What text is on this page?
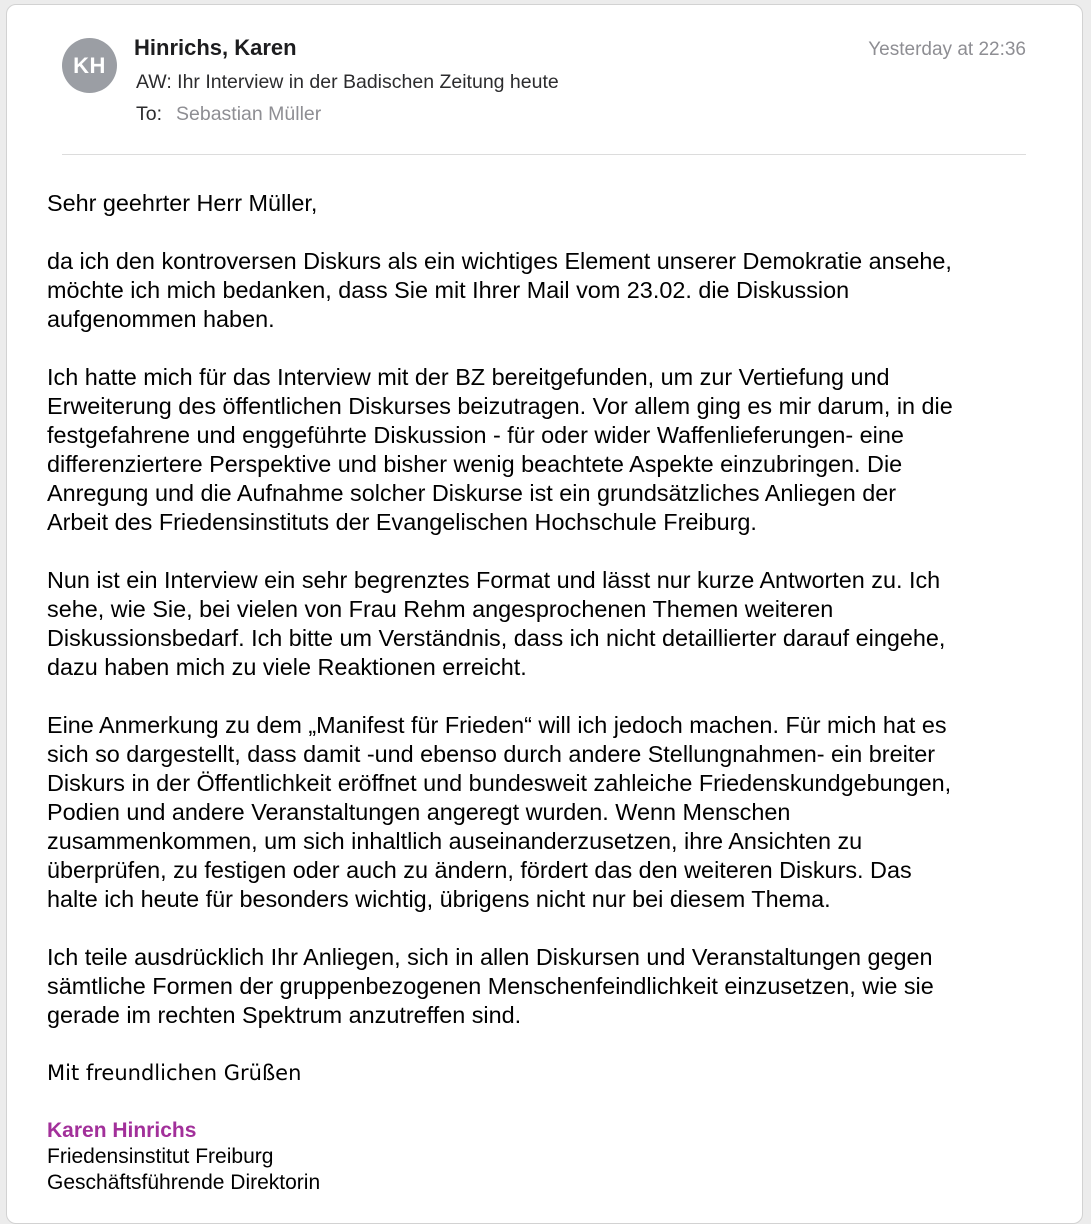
KH
Hinrichs, Karen	Yesterday at 22:36
AW: Ihr Interview in der Badischen Zeitung heute
To: Sebastian Müller

Sehr geehrter Herr Müller,

da ich den kontroversen Diskurs als ein wichtiges Element unserer Demokratie ansehe,

möchte ich mich bedanken, dass Sie mit Ihrer Mail vom 23.02. die Diskussion

aufgenommen haben.

Ich hatte mich für das Interview mit der BZ bereitgefunden, um zur Vertiefung und

Erweiterung des öffentlichen Diskurses beizutragen. Vor allem ging es mir darum, in die

festgefahrene und enggeführte Diskussion - für oder wider Waffenlieferungen- eine

differenziertere Perspektive und bisher wenig beachtete Aspekte einzubringen. Die

Anregung und die Aufnahme solcher Diskurse ist ein grundsätzliches Anliegen der

Arbeit des Friedensinstituts der Evangelischen Hochschule Freiburg.

Nun ist ein Interview ein sehr begrenztes Format und lässt nur kurze Antworten zu. Ich

sehe, wie Sie, bei vielen von Frau Rehm angesprochenen Themen weiteren

Diskussionsbedarf. Ich bitte um Verständnis, dass ich nicht detaillierter darauf eingehe,

dazu haben mich zu viele Reaktionen erreicht.

Eine Anmerkung zu dem „Manifest für Frieden“ will ich jedoch machen. Für mich hat es

sich so dargestellt, dass damit -und ebenso durch andere Stellungnahmen- ein breiter

Diskurs in der Öffentlichkeit eröffnet und bundesweit zahleiche Friedenskundgebungen,

Podien und andere Veranstaltungen angeregt wurden. Wenn Menschen

zusammenkommen, um sich inhaltlich auseinanderzusetzen, ihre Ansichten zu

überprüfen, zu festigen oder auch zu ändern, fördert das den weiteren Diskurs. Das

halte ich heute für besonders wichtig, übrigens nicht nur bei diesem Thema.

Ich teile ausdrücklich Ihr Anliegen, sich in allen Diskursen und Veranstaltungen gegen

sämtliche Formen der gruppenbezogenen Menschenfeindlichkeit einzusetzen, wie sie

gerade im rechten Spektrum anzutreffen sind.

Mit freundlichen Grüßen

Karen Hinrichs

Friedensinstitut Freiburg

Geschäftsführende Direktorin
